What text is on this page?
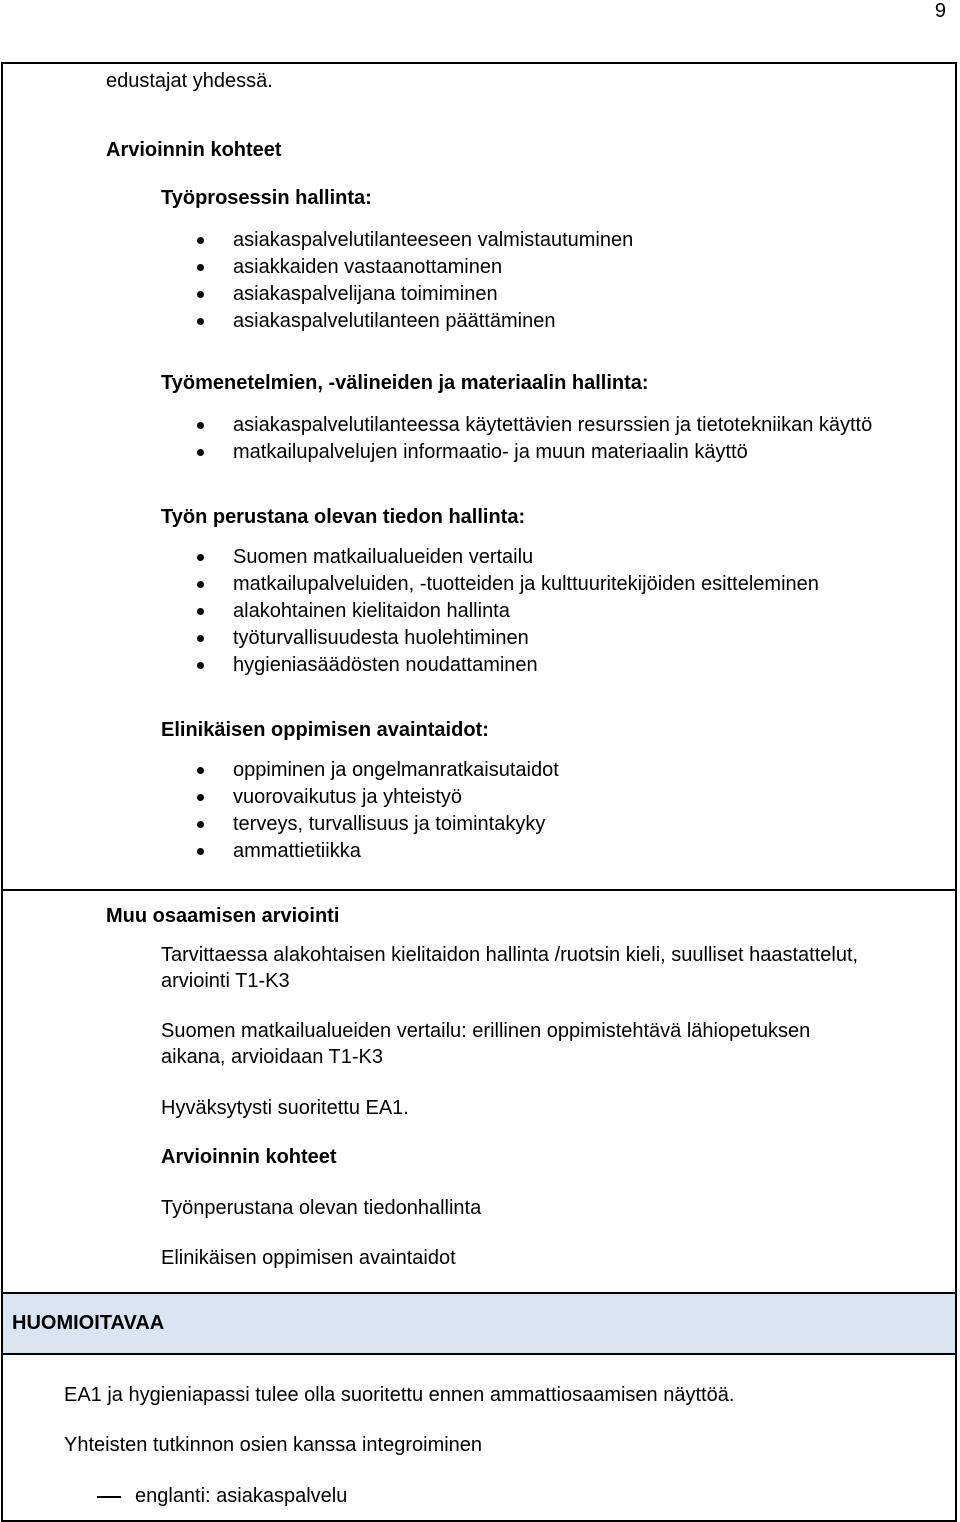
9
edustajat yhdessä.
Arvioinnin kohteet
Työprosessin hallinta:
asiakaspalvelutilanteeseen valmistautuminen
asiakkaiden vastaanottaminen
asiakaspalvelijana toimiminen
asiakaspalvelutilanteen päättäminen
Työmenetelmien, -välineiden ja materiaalin hallinta:
asiakaspalvelutilanteessa käytettävien resurssien ja tietotekniikan käyttö
matkailupalvelujen informaatio- ja muun materiaalin käyttö
Työn perustana olevan tiedon hallinta:
Suomen matkailualueiden vertailu
matkailupalveluiden, -tuotteiden ja kulttuuritekijöiden esitteleminen
alakohtainen kielitaidon hallinta
työturvallisuudesta huolehtiminen
hygieniasäädösten noudattaminen
Elinikäisen oppimisen avaintaidot:
oppiminen ja ongelmanratkaisutaidot
vuorovaikutus ja yhteistyö
terveys, turvallisuus ja toimintakyky
ammattietiikka
Muu osaamisen arviointi
Tarvittaessa alakohtaisen kielitaidon hallinta /ruotsin kieli, suulliset haastattelut,
arviointi T1-K3
Suomen matkailualueiden vertailu: erillinen oppimistehtävä lähiopetuksen
aikana, arvioidaan T1-K3
Hyväksytysti suoritettu EA1.
Arvioinnin kohteet
Työnperustana olevan tiedonhallinta
Elinikäisen oppimisen avaintaidot
HUOMIOITAVAA
EA1 ja hygieniapassi tulee olla suoritettu ennen ammattiosaamisen näyttöä.
Yhteisten tutkinnon osien kanssa integroiminen
englanti: asiakaspalvelu
